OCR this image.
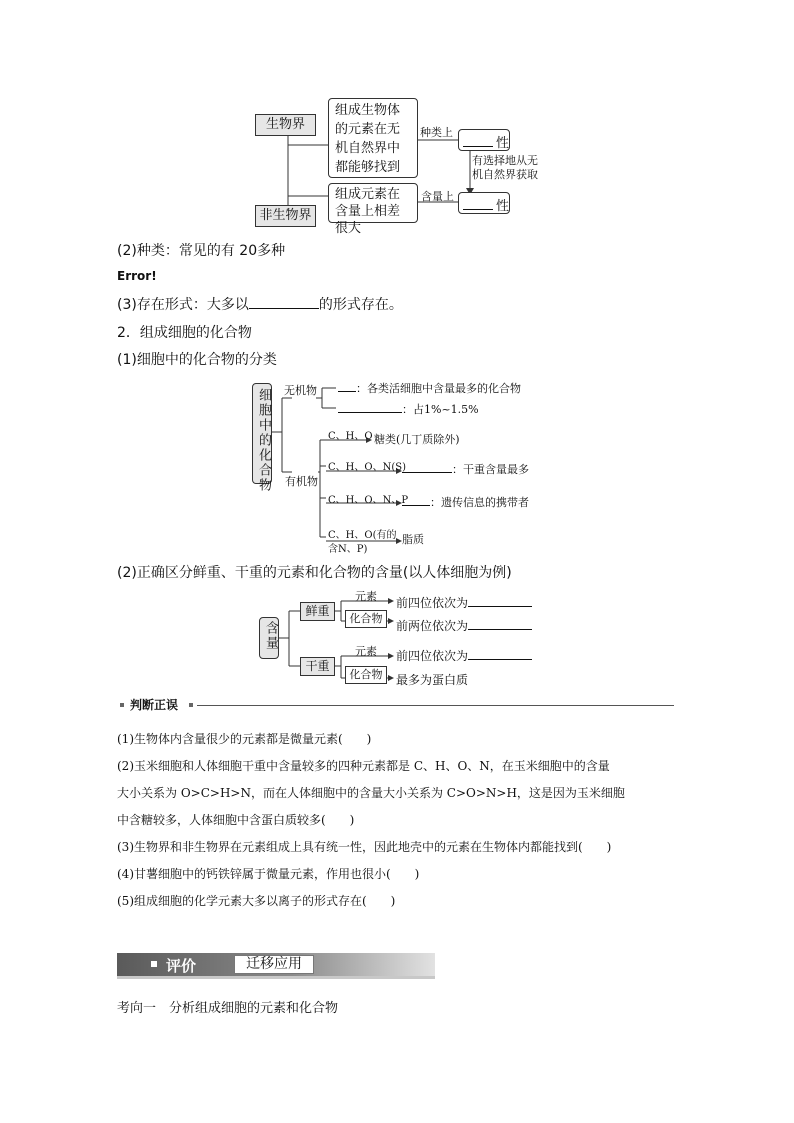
生物界
非生物界
组成生物体的元素在无机自然界中都能够找到
组成元素在含量上相差很大
种类上
含量上
性
性
有选择地从无机自然界获取
(2)种类：常见的有 20多种
Error!
(3)存在形式：大多以	的形式存在。
2．组成细胞的化合物
(1)细胞中的化合物的分类
细胞中的化合物 无机物	：各类活细胞中含量最多的化合物
：占1%~1.5%
有机物
C、H、O 糖类(几丁质除外)
C、H、O、N(S)	：干重含量最多
C、H、O、N、P	：遗传信息的携带者
C、H、O(有的
含N、P)
脂质
(2)正确区分鲜重、干重的元素和化合物的含量(以人体细胞为例)
含量
鲜重
干重
元素
化合物
元素
化合物
前四位依次为
前两位依次为
前四位依次为
最多为蛋白质
判断正误
(1)生物体内含量很少的元素都是微量元素(　　)
(2)玉米细胞和人体细胞干重中含量较多的四种元素都是 C、H、O、N，在玉米细胞中的含量
大小关系为 O>C>H>N，而在人体细胞中的含量大小关系为 C>O>N>H，这是因为玉米细胞
中含糖较多，人体细胞中含蛋白质较多(　　)
(3)生物界和非生物界在元素组成上具有统一性，因此地壳中的元素在生物体内都能找到(　　)
(4)甘薯细胞中的钙铁锌属于微量元素，作用也很小(　　)
(5)组成细胞的化学元素大多以离子的形式存在(　　)
评价	迁移应用
考向一　分析组成细胞的元素和化合物
